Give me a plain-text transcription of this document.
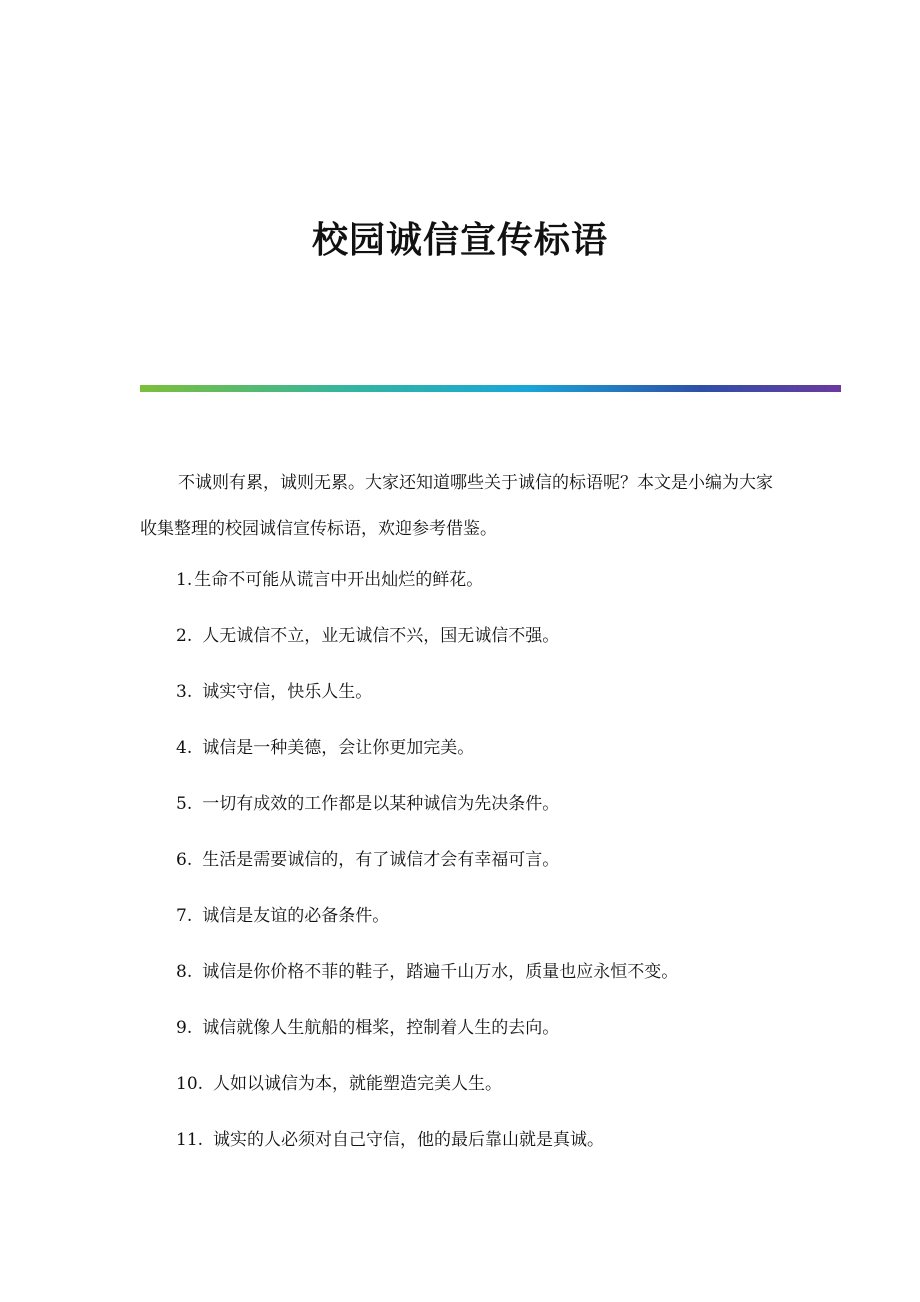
校园诚信宣传标语

不诚则有累，诚则无累。大家还知道哪些关于诚信的标语呢？本文是小编为大家收集整理的校园诚信宣传标语，欢迎参考借鉴。

1. 生命不可能从谎言中开出灿烂的鲜花。
2. 人无诚信不立，业无诚信不兴，国无诚信不强。
3. 诚实守信，快乐人生。
4. 诚信是一种美德，会让你更加完美。
5. 一切有成效的工作都是以某种诚信为先决条件。
6. 生活是需要诚信的，有了诚信才会有幸福可言。
7. 诚信是友谊的必备条件。
8. 诚信是你价格不菲的鞋子，踏遍千山万水，质量也应永恒不变。
9. 诚信就像人生航船的楫桨，控制着人生的去向。
10. 人如以诚信为本，就能塑造完美人生。
11. 诚实的人必须对自己守信，他的最后靠山就是真诚。
